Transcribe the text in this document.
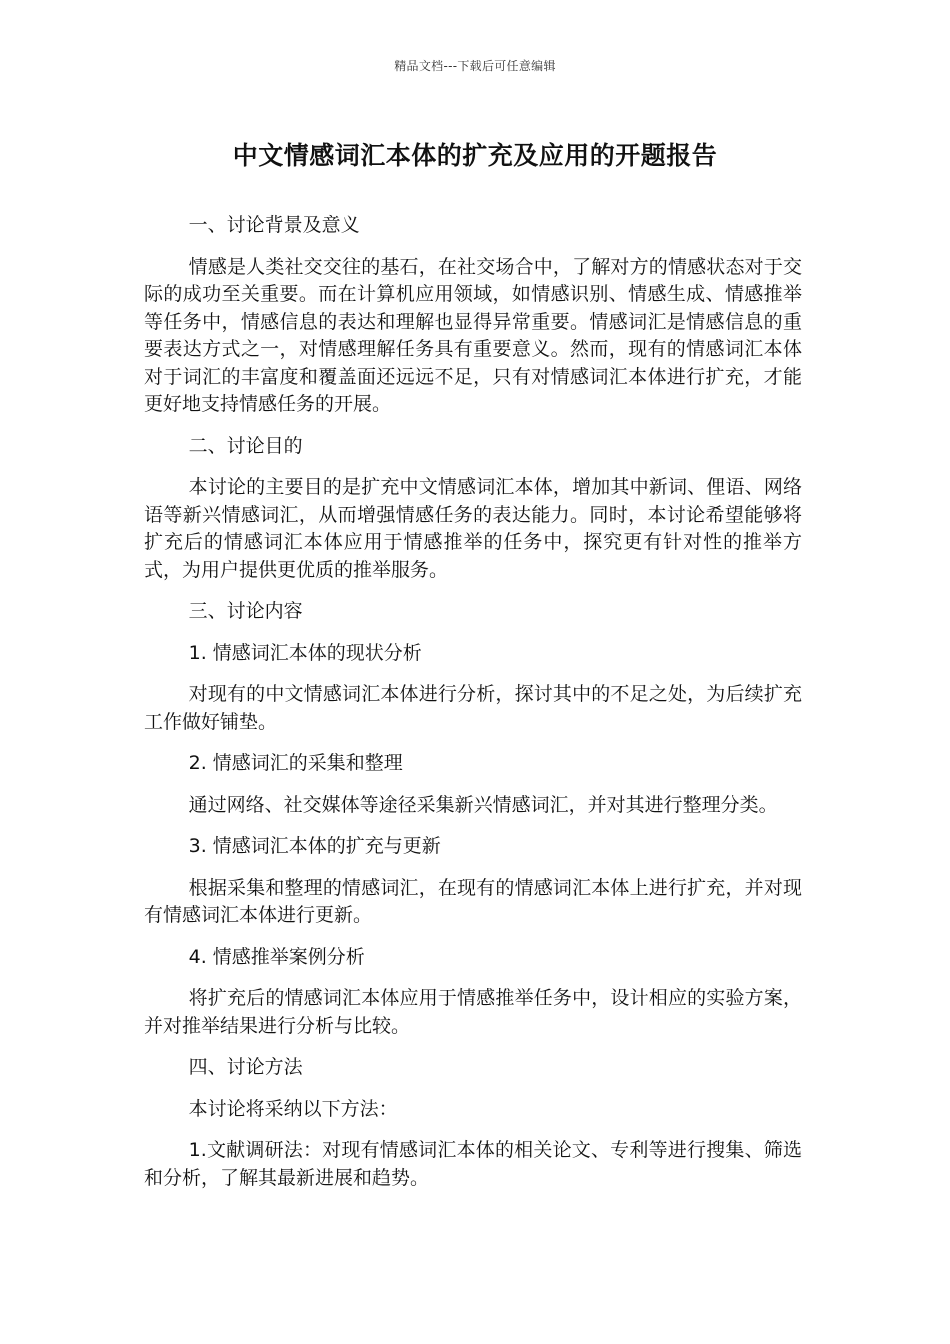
精品文档---下载后可任意编辑
中文情感词汇本体的扩充及应用的开题报告

一、讨论背景及意义

情感是人类社交交往的基石，在社交场合中，了解对方的情感状态对于交际的成功至关重要。而在计算机应用领域，如情感识别、情感生成、情感推举等任务中，情感信息的表达和理解也显得异常重要。情感词汇是情感信息的重要表达方式之一，对情感理解任务具有重要意义。然而，现有的情感词汇本体对于词汇的丰富度和覆盖面还远远不足，只有对情感词汇本体进行扩充，才能更好地支持情感任务的开展。

二、讨论目的

本讨论的主要目的是扩充中文情感词汇本体，增加其中新词、俚语、网络语等新兴情感词汇，从而增强情感任务的表达能力。同时，本讨论希望能够将扩充后的情感词汇本体应用于情感推举的任务中，探究更有针对性的推举方式，为用户提供更优质的推举服务。

三、讨论内容

1. 情感词汇本体的现状分析

对现有的中文情感词汇本体进行分析，探讨其中的不足之处，为后续扩充工作做好铺垫。

2. 情感词汇的采集和整理

通过网络、社交媒体等途径采集新兴情感词汇，并对其进行整理分类。

3. 情感词汇本体的扩充与更新

根据采集和整理的情感词汇，在现有的情感词汇本体上进行扩充，并对现有情感词汇本体进行更新。

4. 情感推举案例分析

将扩充后的情感词汇本体应用于情感推举任务中，设计相应的实验方案，并对推举结果进行分析与比较。

四、讨论方法

本讨论将采纳以下方法：

1.文献调研法：对现有情感词汇本体的相关论文、专利等进行搜集、筛选和分析，了解其最新进展和趋势。
